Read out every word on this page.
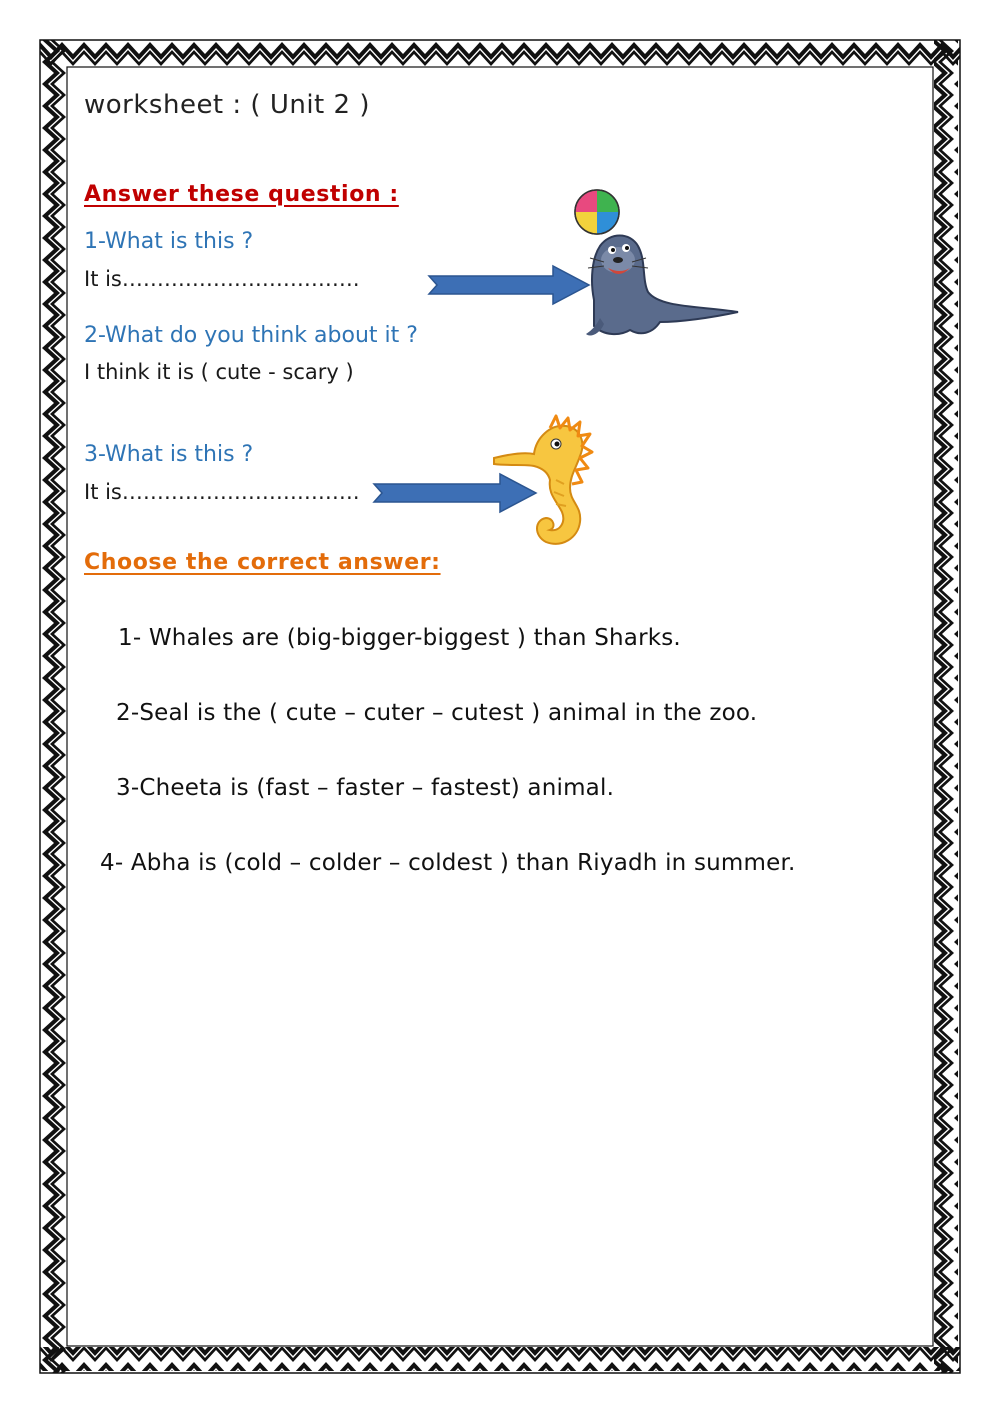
worksheet : ( Unit 2 )
Answer these question :
1-What is this ?
It is…………………………….
2-What do you think about it ?
I think it is ( cute - scary )
3-What is this ?
It is…………………………….
Choose the correct answer:
1- Whales are (big-bigger-biggest ) than Sharks.
2-Seal is the ( cute – cuter – cutest ) animal in the zoo.
3-Cheeta is (fast – faster – fastest) animal.
4- Abha is (cold – colder – coldest ) than Riyadh in summer.
